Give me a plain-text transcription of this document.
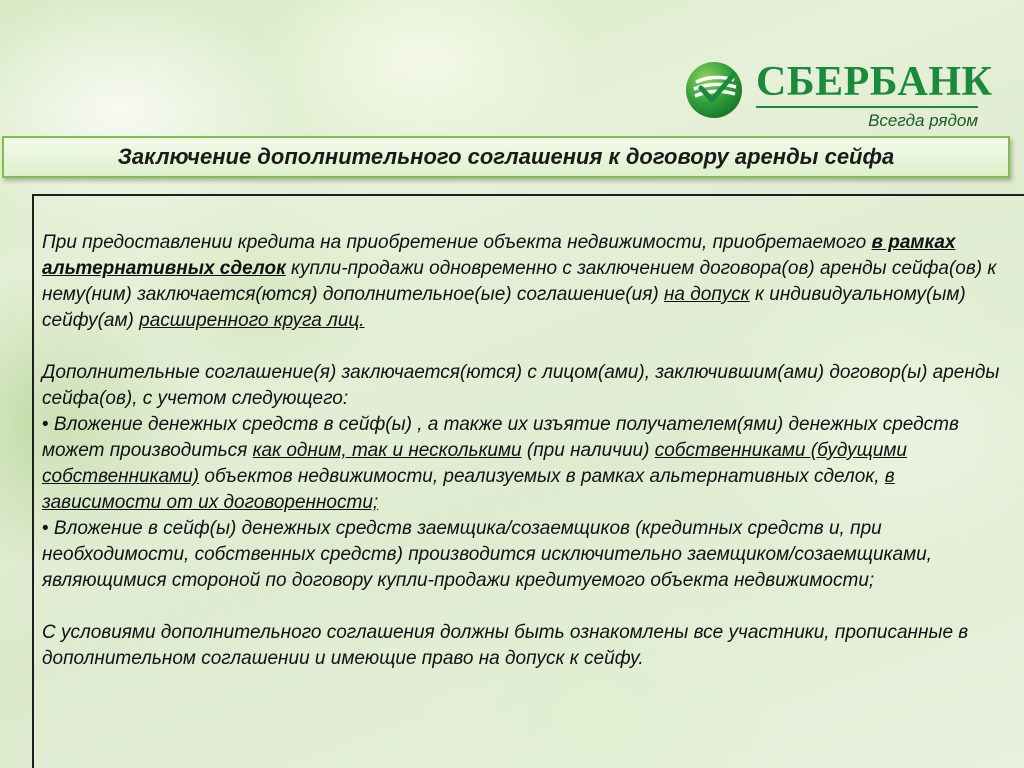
СБЕРБАНК
Всегда рядом
Заключение дополнительного соглашения к договору аренды сейфа

При предоставлении кредита на приобретение объекта недвижимости, приобретаемого в рамках альтернативных сделок купли-продажи одновременно с заключением договора(ов) аренды сейфа(ов) к нему(ним) заключается(ются) дополнительное(ые) соглашение(ия) на допуск к индивидуальному(ым) сейфу(ам) расширенного круга лиц.

Дополнительные соглашение(я) заключается(ются) с лицом(ами), заключившим(ами) договор(ы) аренды сейфа(ов), с учетом следующего:

• Вложение денежных средств в сейф(ы) , а также их изъятие получателем(ями) денежных средств может производиться как одним, так и несколькими (при наличии) собственниками (будущими собственниками) объектов недвижимости, реализуемых в рамках альтернативных сделок, в зависимости от их договоренности;

• Вложение в сейф(ы) денежных средств заемщика/созаемщиков (кредитных средств и, при необходимости, собственных средств) производится исключительно заемщиком/созаемщиками, являющимися стороной по договору купли-продажи кредитуемого объекта недвижимости;

С условиями дополнительного соглашения должны быть ознакомлены все участники, прописанные в дополнительном соглашении и имеющие право на допуск к сейфу.
